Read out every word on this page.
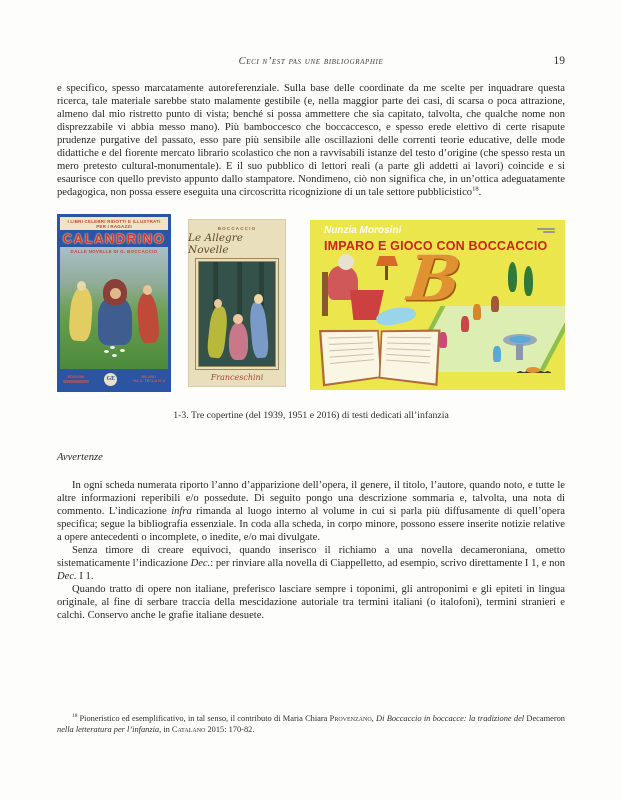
Ceci n’est pas une bibliographie	19
e specifico, spesso marcatamente autoreferenziale. Sulla base delle coordinate da me scelte per inquadrare questa ricerca, tale materiale sarebbe stato malamente gestibile (e, nella maggior parte dei casi, di scarsa o poca attrazione, almeno dal mio ristretto punto di vista; benché si possa ammettere che sia capitato, talvolta, che qualche nome non disprezzabile vi abbia messo mano). Più bamboccesco che boccaccesco, e spesso erede elettivo di certe risapute prudenze purgative del passato, esso pare più sensibile alle oscillazioni delle correnti teorie educative, delle mode didattiche e del fiorente mercato librario scolastico che non a ravvisabili istanze del testo d’origine (che spesso resta un mero pretesto cultural-monumentale). E il suo pubblico di lettori reali (a parte gli addetti ai lavori) coincide e si esaurisce con quello previsto appunto dallo stampatore. Nondimeno, ciò non significa che, in un’ottica adeguatamente pedagogica, non possa essere eseguita una circoscritta ricognizione di un tale settore pubblicistico$^{18}$.
I LIBRI CELEBRI RIDOTTI E ILLUSTRATI PER I RAGAZZI
CALANDRINO
DALLE NOVELLE DI G. BOCCACCIO
EDIZIONI	GE	MILANO
VIA S. TECLA N. 6
BOCCACCIO
Le Allegre Novelle
Franceschini
Nunzia Morosini
IMPARO E GIOCO CON BOCCACCIO
B
1-3. Tre copertine (del 1939, 1951 e 2016) di testi dedicati all’infanzia
Avvertenze

In ogni scheda numerata riporto l’anno d’apparizione dell’opera, il genere, il titolo, l’autore, quando noto, e tutte le altre informazioni reperibili e/o possedute. Di seguito pongo una descrizione sommaria e, talvolta, una nota di commento. L’indicazione infra rimanda al luogo interno al volume in cui si parla più diffusamente di quell’opera specifica; segue la bibliografia essenziale. In coda alla scheda, in corpo minore, possono essere inserite notizie relative a opere antecedenti o incomplete, o inedite, e/o mai divulgate.

Senza timore di creare equivoci, quando inserisco il richiamo a una novella decameroniana, ometto sistematicamente l’indicazione Dec.: per rinviare alla novella di Ciappelletto, ad esempio, scrivo direttamente I 1, e non Dec. I 1.

Quando tratto di opere non italiane, preferisco lasciare sempre i toponimi, gli antroponimi e gli epiteti in lingua originale, al fine di serbare traccia della mescidazione autoriale tra termini italiani (o italofoni), termini stranieri e calchi. Conservo anche le grafie italiane desuete.

$^{18}$ Pioneristico ed esemplificativo, in tal senso, il contributo di Maria Chiara Provenzano, Di Boccaccio in boccacce: la tradizione del Decameron nella letteratura per l’infanzia, in Catalano 2015: 170-82.
